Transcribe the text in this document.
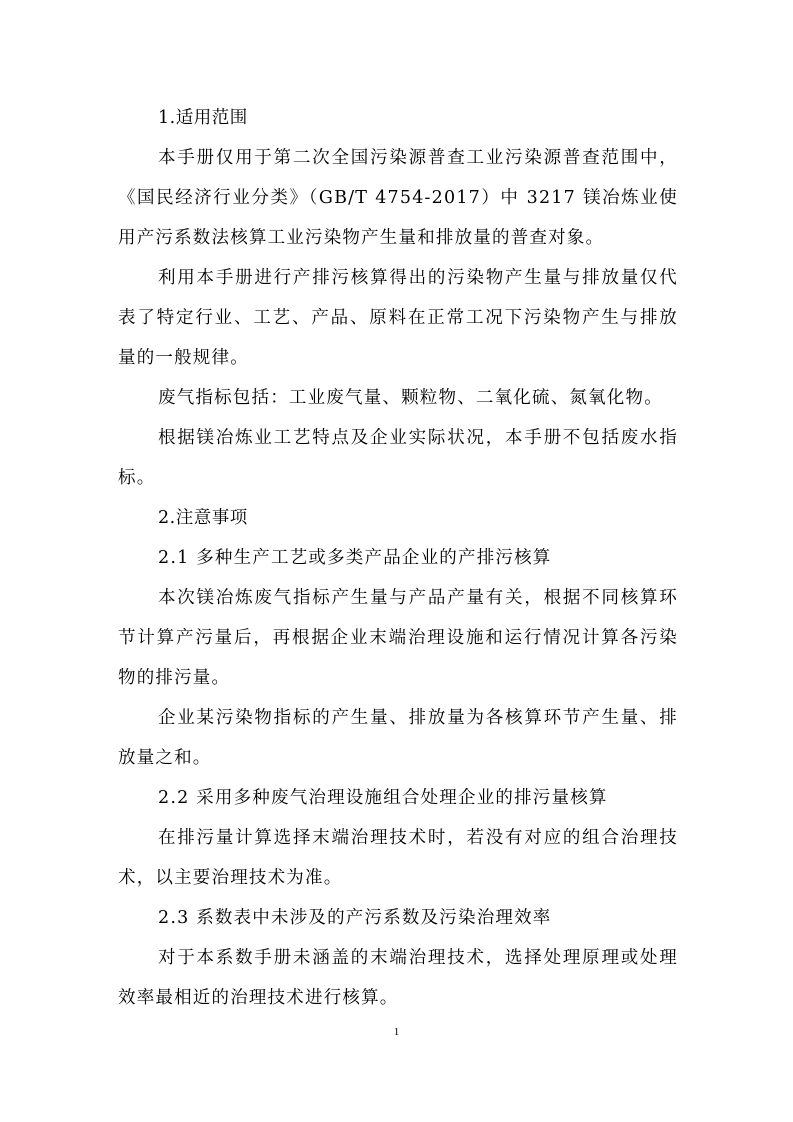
1.适用范围

本手册仅用于第二次全国污染源普查工业污染源普查范围中，《国民经济行业分类》（GB/T 4754-2017）中 3217 镁冶炼业使用产污系数法核算工业污染物产生量和排放量的普查对象。

利用本手册进行产排污核算得出的污染物产生量与排放量仅代表了特定行业、工艺、产品、原料在正常工况下污染物产生与排放量的一般规律。

废气指标包括：工业废气量、颗粒物、二氧化硫、氮氧化物。

根据镁冶炼业工艺特点及企业实际状况，本手册不包括废水指标。

2.注意事项

2.1 多种生产工艺或多类产品企业的产排污核算

本次镁冶炼废气指标产生量与产品产量有关，根据不同核算环节计算产污量后，再根据企业末端治理设施和运行情况计算各污染物的排污量。

企业某污染物指标的产生量、排放量为各核算环节产生量、排放量之和。

2.2 采用多种废气治理设施组合处理企业的排污量核算

在排污量计算选择末端治理技术时，若没有对应的组合治理技术，以主要治理技术为准。

2.3 系数表中未涉及的产污系数及污染治理效率

对于本系数手册未涵盖的末端治理技术，选择处理原理或处理效率最相近的治理技术进行核算。

1
